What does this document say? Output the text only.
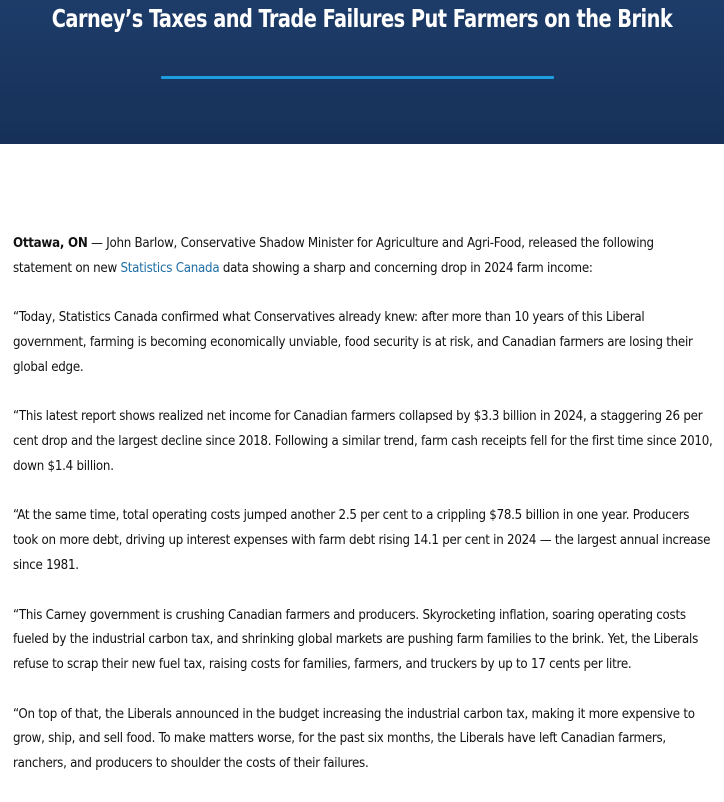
Carney’s Taxes and Trade Failures Put Farmers on the Brink

Ottawa, ON — John Barlow, Conservative Shadow Minister for Agriculture and Agri-Food, released the following statement on new Statistics Canada data showing a sharp and concerning drop in 2024 farm income:

“Today, Statistics Canada confirmed what Conservatives already knew: after more than 10 years of this Liberal government, farming is becoming economically unviable, food security is at risk, and Canadian farmers are losing their global edge.

“This latest report shows realized net income for Canadian farmers collapsed by $3.3 billion in 2024, a staggering 26 per cent drop and the largest decline since 2018. Following a similar trend, farm cash receipts fell for the first time since 2010, down $1.4 billion.

“At the same time, total operating costs jumped another 2.5 per cent to a crippling $78.5 billion in one year. Producers took on more debt, driving up interest expenses with farm debt rising 14.1 per cent in 2024 — the largest annual increase since 1981.

“This Carney government is crushing Canadian farmers and producers. Skyrocketing inflation, soaring operating costs fueled by the industrial carbon tax, and shrinking global markets are pushing farm families to the brink. Yet, the Liberals refuse to scrap their new fuel tax, raising costs for families, farmers, and truckers by up to 17 cents per litre.

“On top of that, the Liberals announced in the budget increasing the industrial carbon tax, making it more expensive to grow, ship, and sell food. To make matters worse, for the past six months, the Liberals have left Canadian farmers, ranchers, and producers to shoulder the costs of their failures.
